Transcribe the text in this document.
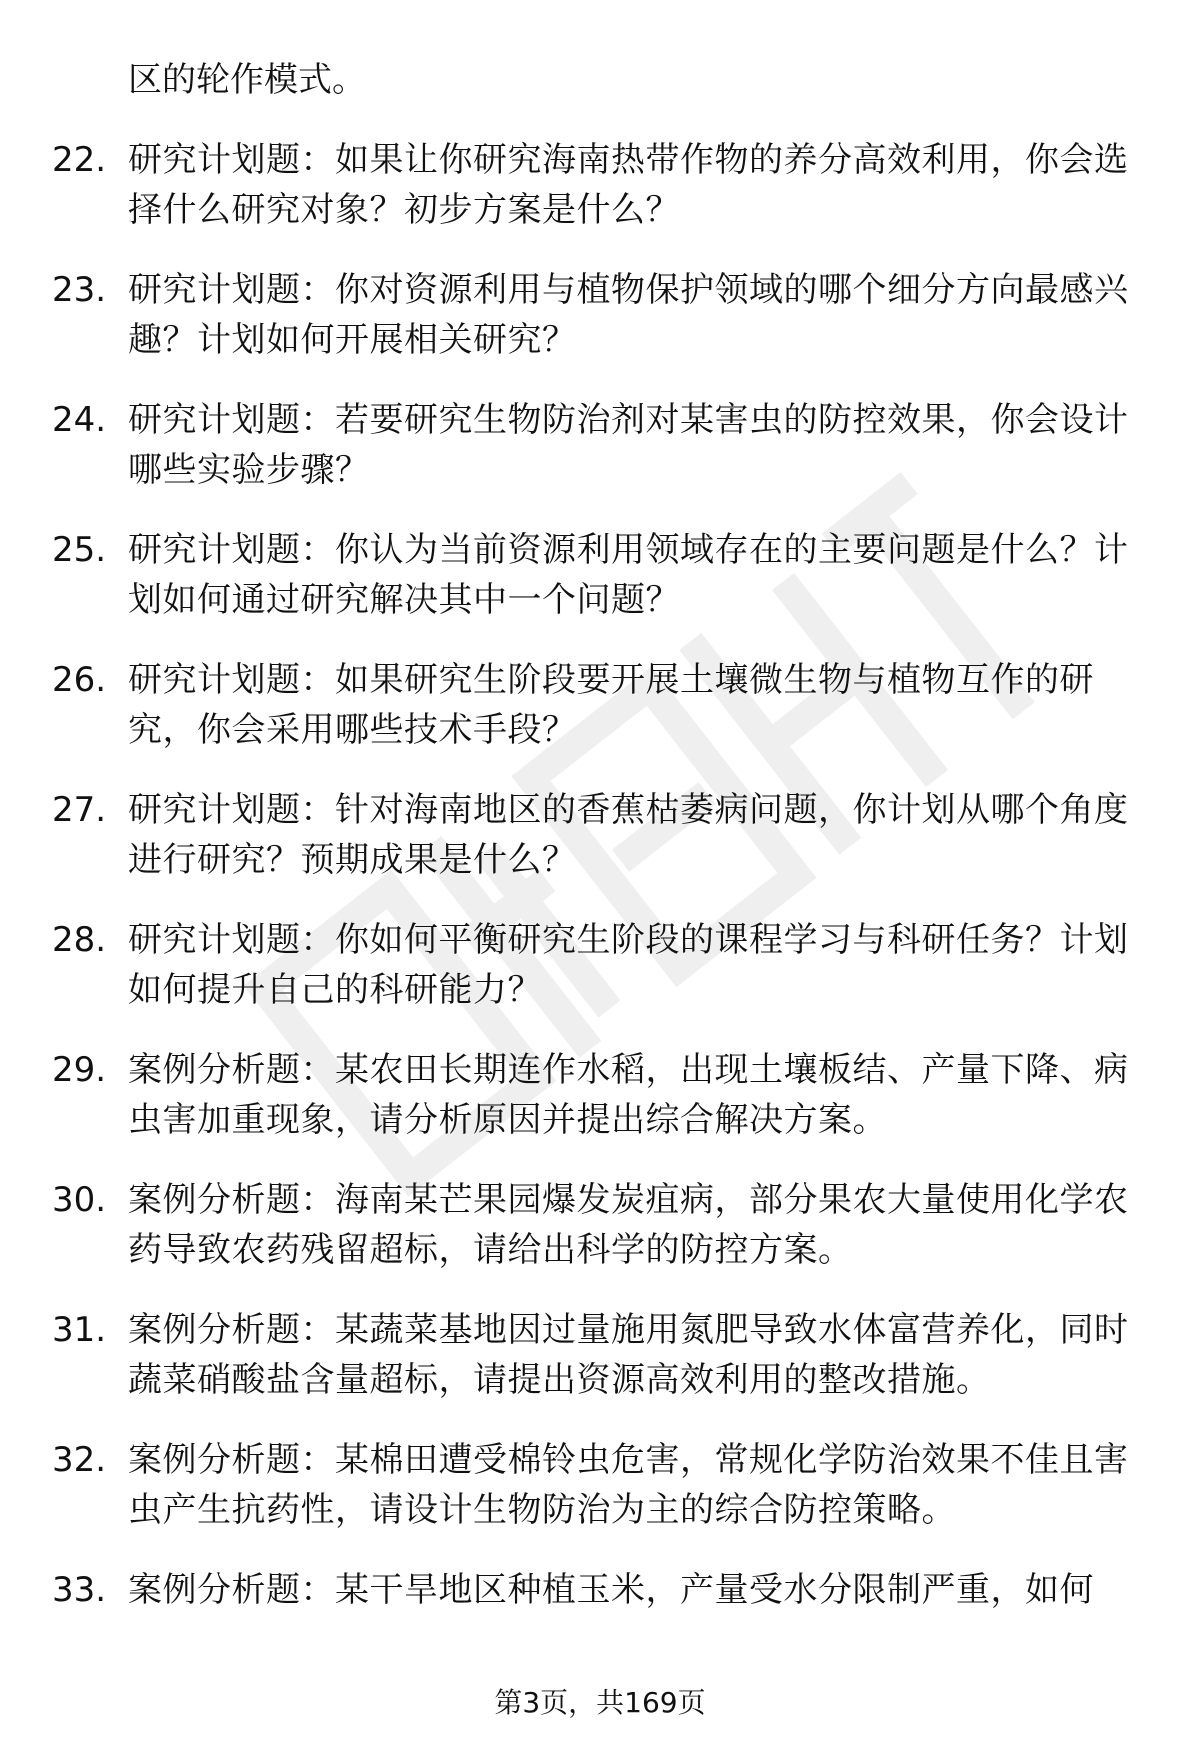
区的轮作模式。

22. 研究计划题：如果让你研究海南热带作物的养分高效利用，你会选择什么研究对象？初步方案是什么？
23. 研究计划题：你对资源利用与植物保护领域的哪个细分方向最感兴趣？计划如何开展相关研究？
24. 研究计划题：若要研究生物防治剂对某害虫的防控效果，你会设计哪些实验步骤？
25. 研究计划题：你认为当前资源利用领域存在的主要问题是什么？计划如何通过研究解决其中一个问题？
26. 研究计划题：如果研究生阶段要开展土壤微生物与植物互作的研究，你会采用哪些技术手段？
27. 研究计划题：针对海南地区的香蕉枯萎病问题，你计划从哪个角度进行研究？预期成果是什么？
28. 研究计划题：你如何平衡研究生阶段的课程学习与科研任务？计划如何提升自己的科研能力？
29. 案例分析题：某农田长期连作水稻，出现土壤板结、产量下降、病虫害加重现象，请分析原因并提出综合解决方案。
30. 案例分析题：海南某芒果园爆发炭疽病，部分果农大量使用化学农药导致农药残留超标，请给出科学的防控方案。
31. 案例分析题：某蔬菜基地因过量施用氮肥导致水体富营养化，同时蔬菜硝酸盐含量超标，请提出资源高效利用的整改措施。
32. 案例分析题：某棉田遭受棉铃虫危害，常规化学防治效果不佳且害虫产生抗药性，请设计生物防治为主的综合防控策略。
33. 案例分析题：某干旱地区种植玉米，产量受水分限制严重，如何
第3页，共169页
